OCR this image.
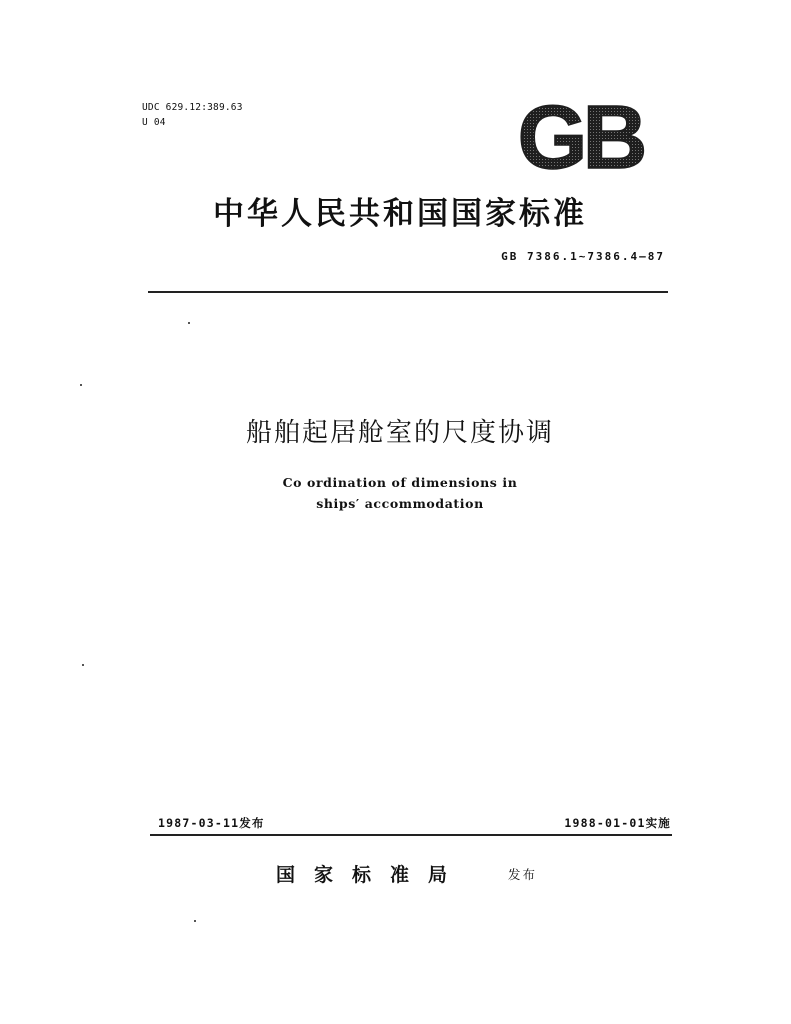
UDC 629.12:389.63
U 04	GB
中华人民共和国国家标准
GB 7386.1~7386.4—87
船舶起居舱室的尺度协调
Co ordination of dimensions in
ships′ accommodation
1987-03-11发布	1988-01-01实施
国家标准局	发布
